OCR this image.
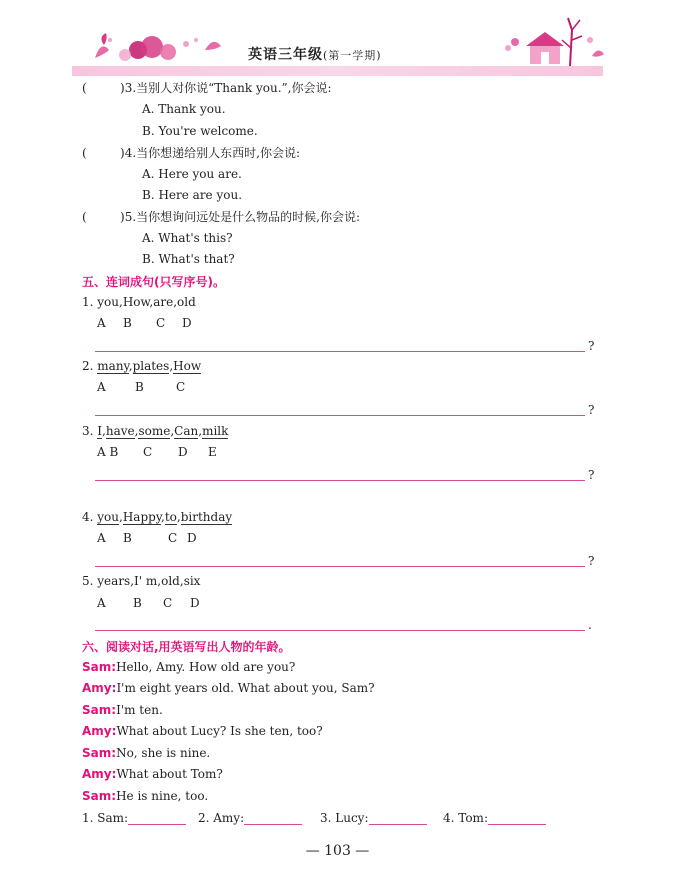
英语三年级(第一学期)
(	)3.当别人对你说“Thank you.”,你会说:
A. Thank you.
B. You're welcome.
(	)4.当你想递给别人东西时,你会说:
A. Here you are.
B. Here are you.
(	)5.当你想询问远处是什么物品的时候,你会说:
A. What's this?
B. What's that?
五、连词成句(只写序号)。
1. you,How,are,old
A B C D
?
2. many,plates,How
A B	C
?
3. I,have,some,Can,milk
A B C D E
?
4. you,Happy,to,birthday
A B	C D
?
5. years,I' m,old,six
A B C D
.
六、阅读对话,用英语写出人物的年龄。
Sam:Hello, Amy. How old are you?
Amy:I'm eight years old. What about you, Sam?
Sam:I'm ten.
Amy:What about Lucy? Is she ten, too?
Sam:No, she is nine.
Amy:What about Tom?
Sam:He is nine, too.
1. Sam:	2. Amy:	3. Lucy:	4. Tom:
— 103 —
